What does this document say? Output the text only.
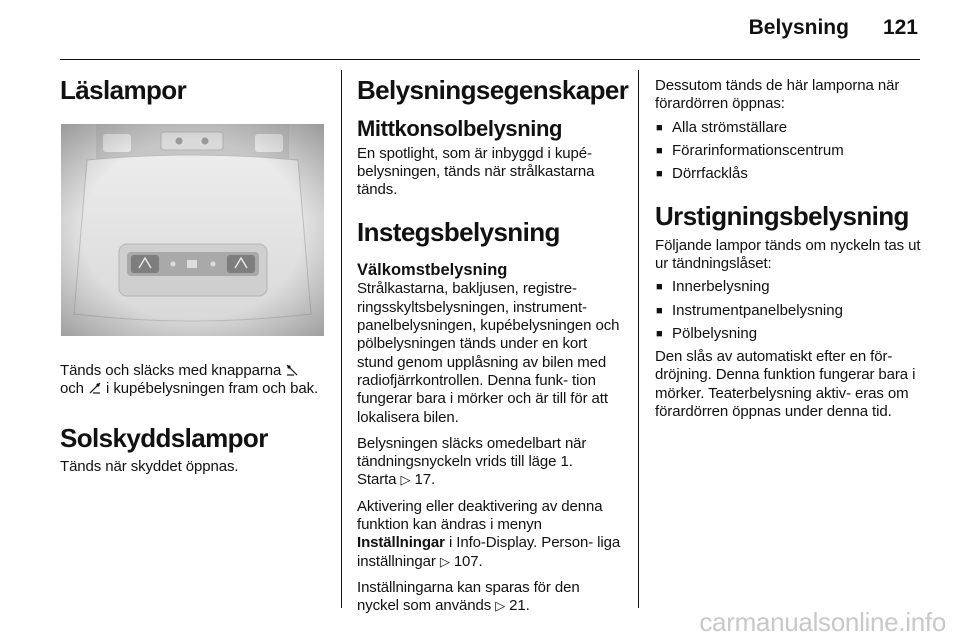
Belysning 121
Läslampor

Tänds och släcks med knapparna
och i kupébelysningen fram och bak.

Solskyddslampor

Tänds när skyddet öppnas.

Belysningsegenskaper
Mittkonsolbelysning

En spotlight, som är inbyggd i kupé- belysningen, tänds när strålkastarna tänds.

Instegsbelysning
Välkomstbelysning

Strålkastarna, bakljusen, registre- ringsskyltsbelysningen, instrument- panelbelysningen, kupébelysningen och pölbelysningen tänds under en kort stund genom upplåsning av bilen med radiofjärrkontrollen. Denna funk- tion fungerar bara i mörker och är till för att lokalisera bilen.

Belysningen släcks omedelbart när tändningsnyckeln vrids till läge 1.
Starta ▷ 17.

Aktivering eller deaktivering av denna funktion kan ändras i menyn
Inställningar i Info-Display. Person- liga inställningar ▷ 107.

Inställningarna kan sparas för den nyckel som används ▷ 21.

Dessutom tänds de här lamporna när förardörren öppnas:

■ Alla strömställare
■ Förarinformationscentrum
■ Dörrfacklås
Urstigningsbelysning

Följande lampor tänds om nyckeln tas ut ur tändningslåset:

■ Innerbelysning
■ Instrumentpanelbelysning
■ Pölbelysning

Den slås av automatiskt efter en för- dröjning. Denna funktion fungerar bara i mörker. Teaterbelysning aktiv- eras om förardörren öppnas under denna tid.

carmanualsonline.info
